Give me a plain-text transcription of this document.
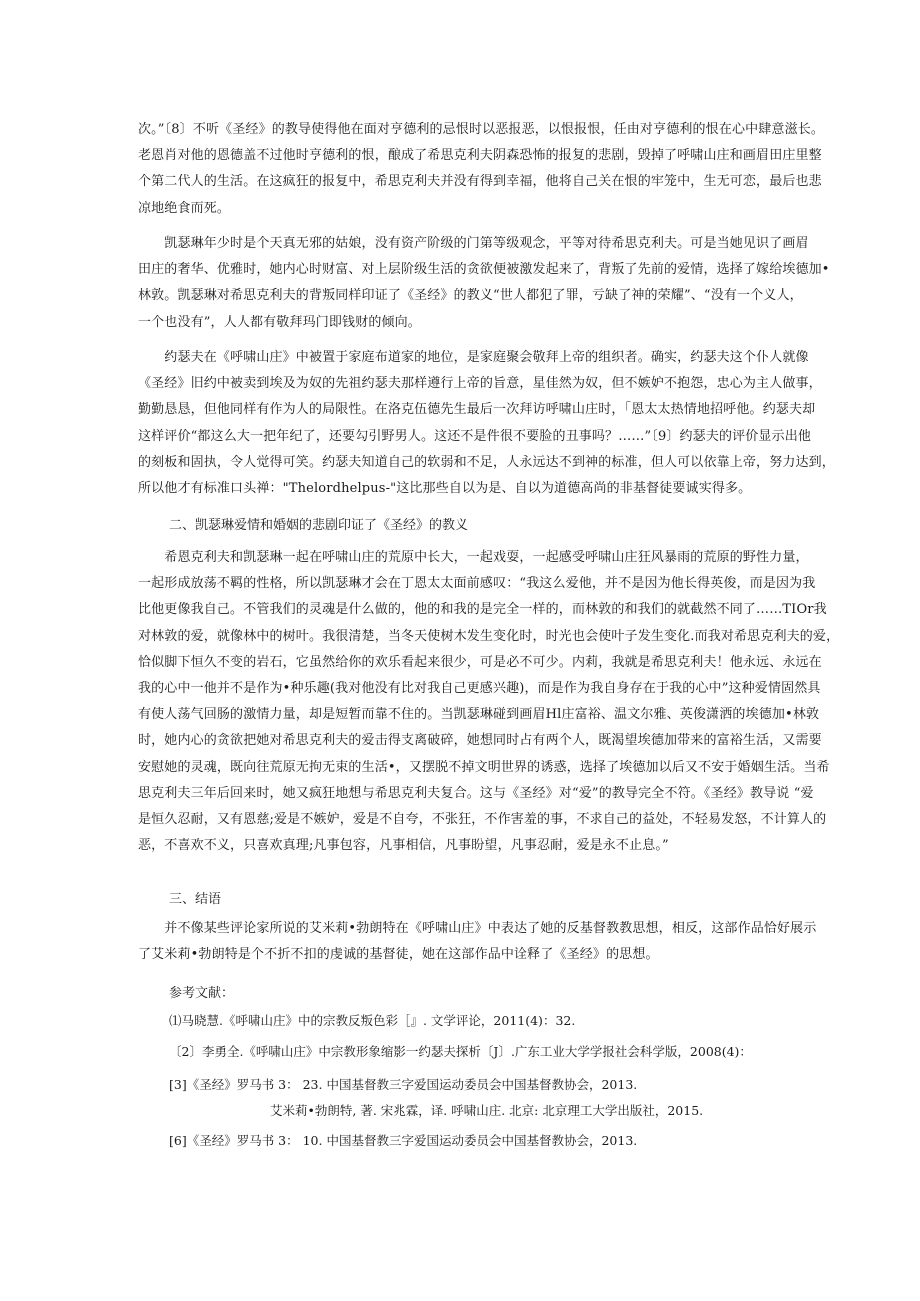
次。”〔8〕不听《圣经》的教导使得他在面对亨德利的忌恨时以恶报恶，以恨报恨，任由对亨德利的恨在心中肆意滋长。
老恩肖对他的恩德盖不过他时亨德利的恨，酿成了希思克利夫阴森恐怖的报复的悲剧，毁掉了呼啸山庄和画眉田庄里整
个第二代人的生活。在这疯狂的报复中，希思克利夫并没有得到幸福，他将自己关在恨的牢笼中，生无可恋，最后也悲
凉地绝食而死。
　　凯瑟琳年少时是个天真无邪的姑娘，没有资产阶级的门第等级观念，平等对待希思克利夫。可是当她见识了画眉
田庄的奢华、优雅时，她内心时财富、对上层阶级生活的贪欲便被激发起来了，背叛了先前的爱情，选择了嫁给埃德加•
林敦。凯瑟琳对希思克利夫的背叛同样印证了《圣经》的教义“世人都犯了罪，亏缺了神的荣耀”、“没有一个义人，
一个也没有”，人人都有敬拜玛门即钱财的倾向。
　　约瑟夫在《呼啸山庄》中被置于家庭布道家的地位，是家庭聚会敬拜上帝的组织者。确实，约瑟夫这个仆人就像
《圣经》旧约中被卖到埃及为奴的先祖约瑟夫那样遵行上帝的旨意，星佳然为奴，但不嫉妒不抱怨，忠心为主人做事，
勤勤恳恳，但他同样有作为人的局限性。在洛克伍德先生最后一次拜访呼啸山庄时，「恩太太热情地招呼他。约瑟夫却
这样评价“都这么大一把年纪了，还要勾引野男人。这还不是件很不要脸的丑事吗？……”〔9〕约瑟夫的评价显示出他
的刻板和固执，令人觉得可笑。约瑟夫知道自己的软弱和不足，人永远达不到神的标准，但人可以依靠上帝，努力达到，
所以他才有标准口头禅："Thelordhelpus-"这比那些自以为是、自以为道德高尚的非基督徒要诚实得多。
二、凯瑟琳爱情和婚姻的悲剧印证了《圣经》的教义
　　希恩克利夫和凯瑟琳一起在呼啸山庄的荒原中长大，一起戏耍，一起感受呼啸山庄狂风暴雨的荒原的野性力量，
一起形成放荡不羁的性格，所以凯瑟琳才会在丁恩太太面前感叹：“我这么爱他，并不是因为他长得英俊，而是因为我
比他更像我自己。不管我们的灵魂是什么做的，他的和我的是完全一样的，而林敦的和我们的就截然不同了……TIOr我
对林敦的爱，就像林中的树叶。我很清楚，当冬天使树木发生变化时，时光也会使叶子发生变化.而我对希思克利夫的爱，
恰似脚下恒久不变的岩石，它虽然给你的欢乐看起来很少，可是必不可少。内莉，我就是希思克利夫！他永远、永远在
我的心中一他并不是作为•种乐趣(我对他没有比对我自己更感兴趣)，而是作为我自身存在于我的心中”这种爱情固然具
有使人荡气回肠的激情力量，却是短暂而靠不住的。当凯瑟琳碰到画眉Hl庄富裕、温文尔雅、英俊潇洒的埃德加•林敦
时，她内心的贪欲把她对希思克利夫的爱击得支离破碎，她想同时占有两个人，既渴望埃德加带来的富裕生活，又需要
安慰她的灵魂，既向往荒原无拘无束的生活•，又摆脱不掉文明世界的诱惑，选择了埃德加以后又不安于婚姻生活。当希
思克利夫三年后回来时，她又疯狂地想与希思克利夫复合。这与《圣经》对“爱”的教导完全不符。《圣经》教导说 “爱
是恒久忍耐，又有恩慈;爱是不嫉妒，爱是不自夸，不张狂，不作害羞的事，不求自己的益处，不轻易发怒，不计算人的
恶，不喜欢不义，只喜欢真理;凡事包容，凡事相信，凡事盼望，凡事忍耐，爱是永不止息。”
三、结语
　　并不像某些评论家所说的艾米莉•勃朗特在《呼啸山庄》中表达了她的反基督教教思想，相反，这部作品恰好展示
了艾米莉•勃朗特是个不折不扣的虔诚的基督徒，她在这部作品中诠释了《圣经》的思想。
参考文献：
⑴马晓慧.《呼啸山庄》中的宗教反叛色彩［』. 文学评论，2011(4)：32.
〔2〕李勇全.《呼啸山庄》中宗教形象缩影一约瑟夫探析〔J〕.广东工业大学学报社会科学版，2008(4)：
[3]《圣经》罗马书 3： 23. 中国基督教三字爱国运动委员会中国基督教协会，2013.
艾米莉•勃朗特, 著. 宋兆霖，译. 呼啸山庄. 北京: 北京理工大学出版社，2015.
[6]《圣经》罗马书 3： 10. 中国基督教三字爱国运动委员会中国基督教协会，2013.
